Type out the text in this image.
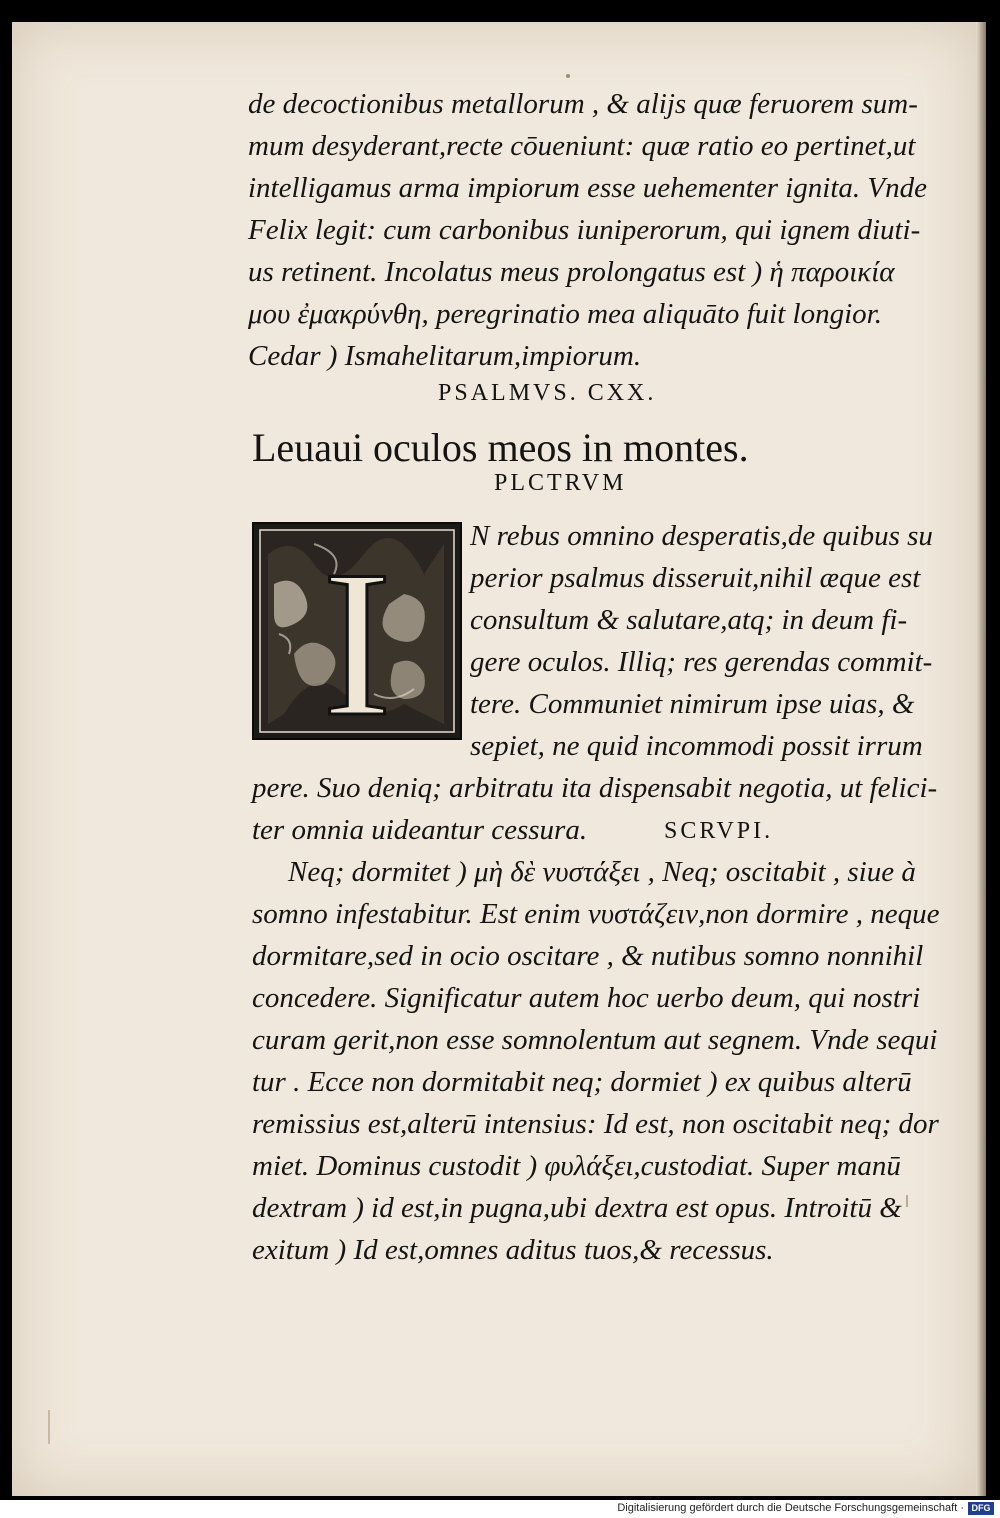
de decoctionibus metallorum , & alijs quæ feruorem sum-
mum desyderant,recte cōueniunt: quæ ratio eo pertinet,ut
intelligamus arma impiorum esse uehementer ignita. Vnde
Felix legit: cum carbonibus iuniperorum, qui ignem diuti-
us retinent. Incolatus meus prolongatus est ) ἡ παροικία
μου ἐμακρύνθη, peregrinatio mea aliquāto fuit longior.
Cedar ) Ismahelitarum,impiorum.
PSALMVS. CXX.
Leuaui oculos meos in montes.
PLCTRVM
N rebus omnino desperatis,de quibus su
perior psalmus disseruit,nihil æque est
consultum & salutare,atq; in deum fi-
gere oculos. Illiq; res gerendas commit-
tere. Communiet nimirum ipse uias, &
sepiet, ne quid incommodi possit irrum
pere. Suo deniq; arbitratu ita dispensabit negotia, ut felici-
ter omnia uideantur cessura.	SCRVPI.
Neq; dormitet ) μὴ δὲ νυστάξει , Neq; oscitabit , siue à
somno infestabitur. Est enim νυστάζειν,non dormire , neque
dormitare,sed in ocio oscitare , & nutibus somno nonnihil
concedere. Significatur autem hoc uerbo deum, qui nostri
curam gerit,non esse somnolentum aut segnem. Vnde sequi
tur . Ecce non dormitabit neq; dormiet ) ex quibus alterū
remissius est,alterū intensius: Id est, non oscitabit neq; dor
miet. Dominus custodit ) φυλάξει,custodiat. Super manū
dextram ) id est,in pugna,ubi dextra est opus. Introitū &
exitum ) Id est,omnes aditus tuos,& recessus.
I
Digitalisierung gefördert durch die Deutsche Forschungsgemeinschaft · DFG
